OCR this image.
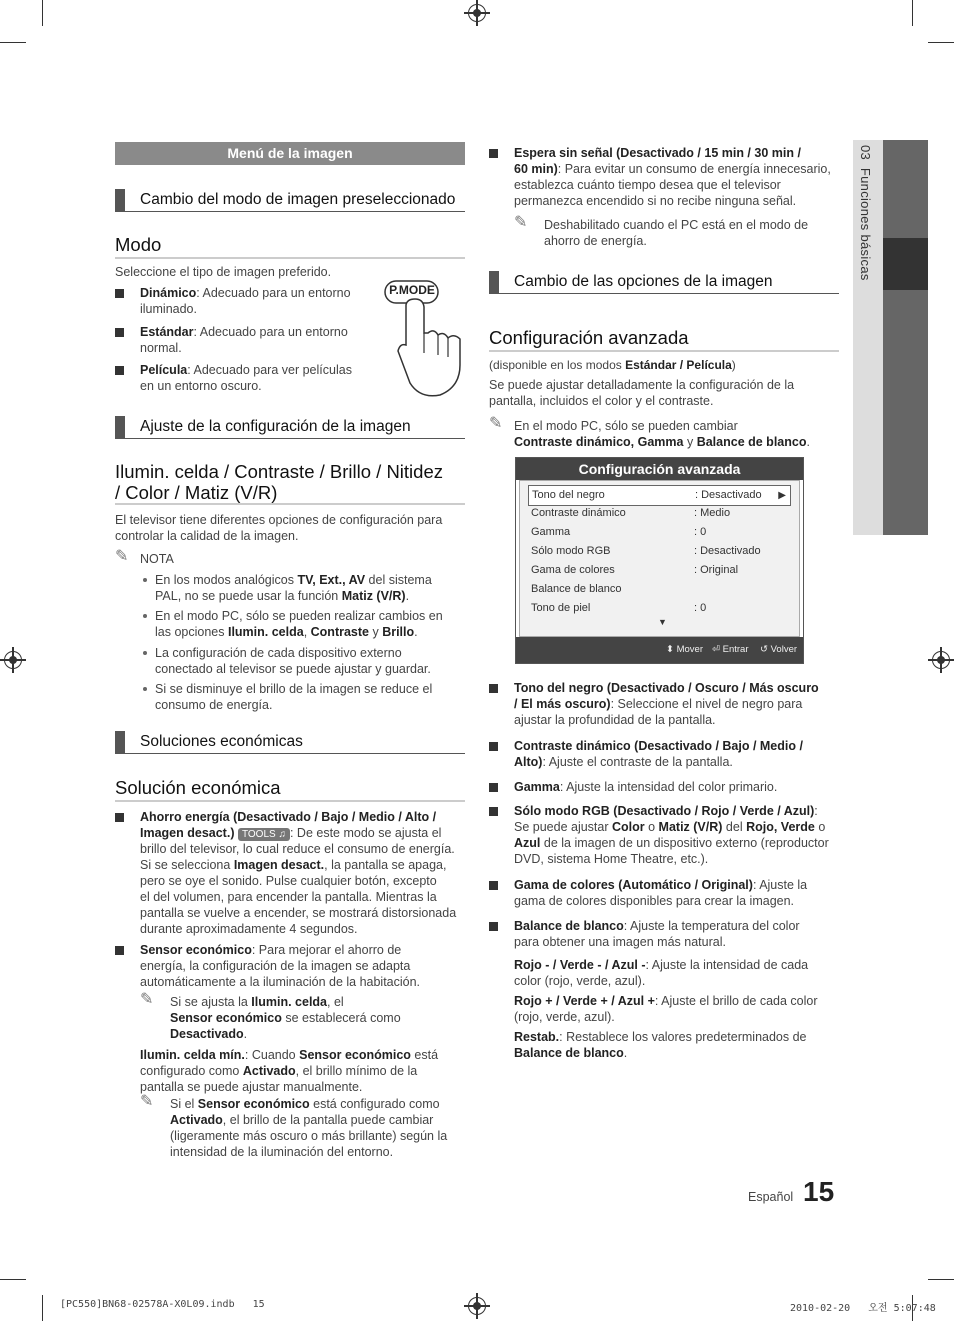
03  Funciones básicas
Menú de la imagen
Cambio del modo de imagen preseleccionado
Modo
Seleccione el tipo de imagen preferido.
Dinámico: Adecuado para un entorno
iluminado.
Estándar: Adecuado para un entorno
normal.
Película: Adecuado para ver películas
en un entorno oscuro.
P.MODE
Ajuste de la configuración de la imagen
Ilumin. celda / Contraste / Brillo / Nitidez
/ Color / Matiz (V/R)
El televisor tiene diferentes opciones de configuración para
controlar la calidad de la imagen.
✎ NOTA
En los modos analógicos TV, Ext., AV del sistema
PAL, no se puede usar la función Matiz (V/R).
En el modo PC, sólo se pueden realizar cambios en
las opciones Ilumin. celda, Contraste y Brillo.
La configuración de cada dispositivo externo
conectado al televisor se puede ajustar y guardar.
Si se disminuye el brillo de la imagen se reduce el
consumo de energía.
Soluciones económicas
Solución económica
Ahorro energía (Desactivado / Bajo / Medio / Alto /
Imagen desact.) TOOLS ♫ : De este modo se ajusta el
brillo del televisor, lo cual reduce el consumo de energía.
Si se selecciona Imagen desact., la pantalla se apaga,
pero se oye el sonido. Pulse cualquier botón, excepto
el del volumen, para encender la pantalla. Mientras la
pantalla se vuelve a encender, se mostrará distorsionada
durante aproximadamente 4 segundos.
Sensor económico: Para mejorar el ahorro de
energía, la configuración de la imagen se adapta
automáticamente a la iluminación de la habitación.
✎ Si se ajusta la Ilumin. celda, el
Sensor económico se establecerá como
Desactivado.
Ilumin. celda mín.: Cuando Sensor económico está
configurado como Activado, el brillo mínimo de la
pantalla se puede ajustar manualmente.
✎ Si el Sensor económico está configurado como
Activado, el brillo de la pantalla puede cambiar
(ligeramente más oscuro o más brillante) según la
intensidad de la iluminación del entorno.
Espera sin señal (Desactivado / 15 min / 30 min /
60 min): Para evitar un consumo de energía innecesario,
establezca cuánto tiempo desea que el televisor
permanezca encendido si no recibe ninguna señal.
✎ Deshabilitado cuando el PC está en el modo de
ahorro de energía.
Cambio de las opciones de la imagen
Configuración avanzada
(disponible en los modos Estándar / Película)
Se puede ajustar detalladamente la configuración de la
pantalla, incluidos el color y el contraste.
✎ En el modo PC, sólo se pueden cambiar
Contraste dinámico, Gamma y Balance de blanco.
Configuración avanzada
Tono del negro	: Desactivado ▶
Contraste dinámico	: Medio
Gamma	: 0
Sólo modo RGB	: Desactivado
Gama de colores	: Original
Balance de blanco
Tono de piel	: 0
▼
⬍ Mover ⏎ Entrar ↺ Volver
Tono del negro (Desactivado / Oscuro / Más oscuro
/ El más oscuro): Seleccione el nivel de negro para
ajustar la profundidad de la pantalla.
Contraste dinámico (Desactivado / Bajo / Medio /
Alto): Ajuste el contraste de la pantalla.
Gamma: Ajuste la intensidad del color primario.
Sólo modo RGB (Desactivado / Rojo / Verde / Azul):
Se puede ajustar Color o Matiz (V/R) del Rojo, Verde o
Azul de la imagen de un dispositivo externo (reproductor
DVD, sistema Home Theatre, etc.).
Gama de colores (Automático / Original): Ajuste la
gama de colores disponibles para crear la imagen.
Balance de blanco: Ajuste la temperatura del color
para obtener una imagen más natural.
Rojo - / Verde - / Azul -: Ajuste la intensidad de cada
color (rojo, verde, azul).
Rojo + / Verde + / Azul +: Ajuste el brillo de cada color
(rojo, verde, azul).
Restab.: Restablece los valores predeterminados de
Balance de blanco.
Español 15
[PC550]BN68-02578A-X0L09.indb   15	2010-02-20   오전 5:07:48
